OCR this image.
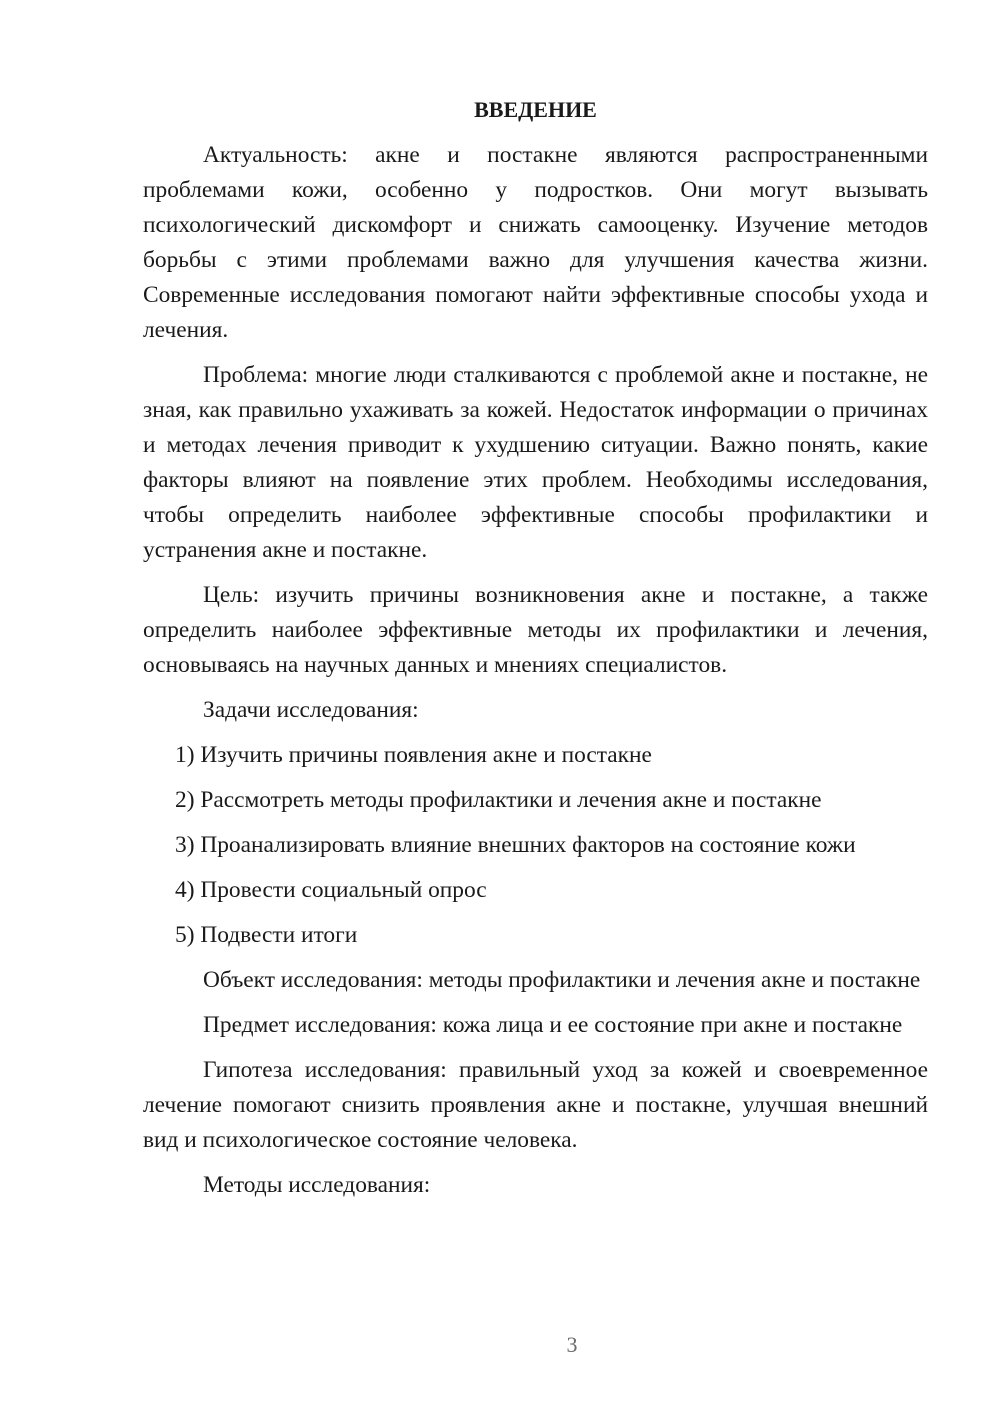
ВВЕДЕНИЕ

Актуальность: акне и постакне являются распространенными проблемами кожи, особенно у подростков. Они могут вызывать психологический дискомфорт и снижать самооценку. Изучение методов борьбы с этими проблемами важно для улучшения качества жизни. Современные исследования помогают найти эффективные способы ухода и лечения.

Проблема: многие люди сталкиваются с проблемой акне и постакне, не зная, как правильно ухаживать за кожей. Недостаток информации о причинах и методах лечения приводит к ухудшению ситуации. Важно понять, какие факторы влияют на появление этих проблем. Необходимы исследования, чтобы определить наиболее эффективные способы профилактики и устранения акне и постакне.

Цель: изучить причины возникновения акне и постакне, а также определить наиболее эффективные методы их профилактики и лечения, основываясь на научных данных и мнениях специалистов.

Задачи исследования:

1) Изучить причины появления акне и постакне
2) Рассмотреть методы профилактики и лечения акне и постакне
3) Проанализировать влияние внешних факторов на состояние кожи
4) Провести социальный опрос
5) Подвести итоги

Объект исследования: методы профилактики и лечения акне и постакне

Предмет исследования: кожа лица и ее состояние при акне и постакне

Гипотеза исследования: правильный уход за кожей и своевременное лечение помогают снизить проявления акне и постакне, улучшая внешний вид и психологическое состояние человека.

Методы исследования:

3
